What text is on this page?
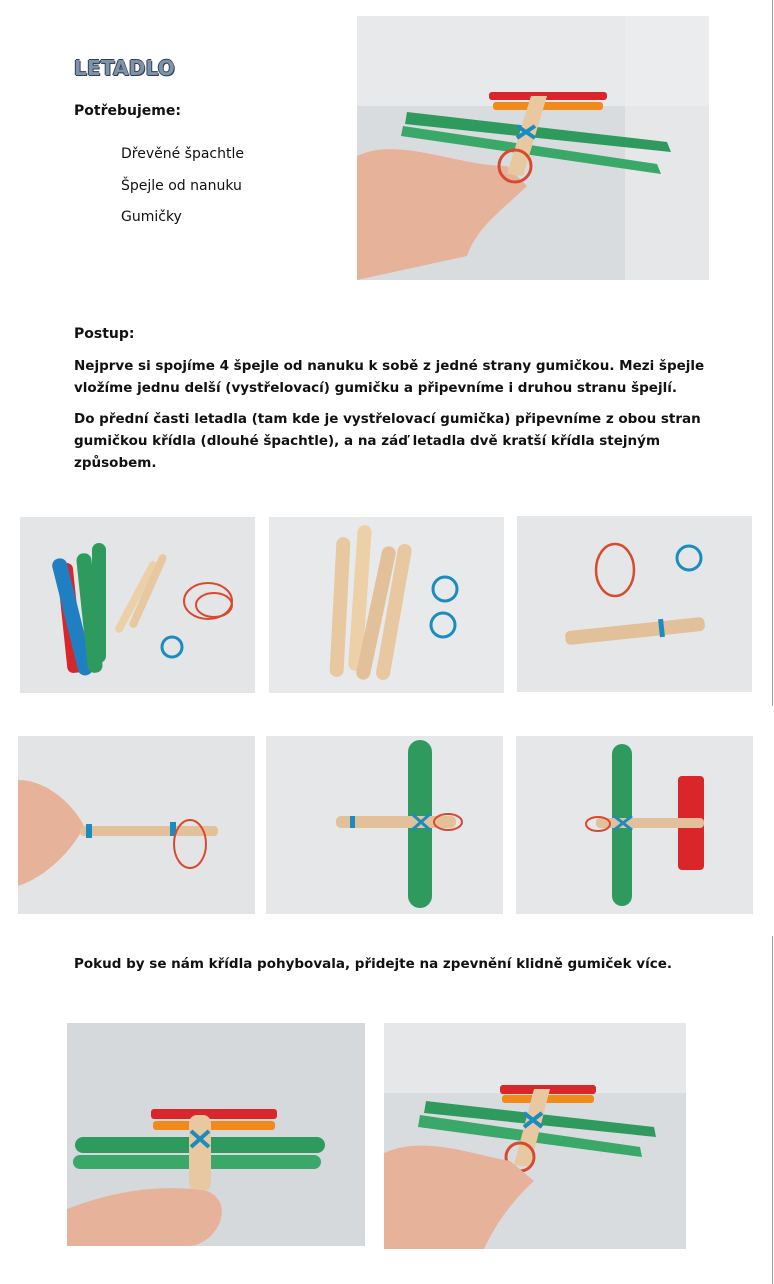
LETADLO

Potřebujeme:

Dřevěné špachtle
Špejle od nanuku
Gumičky

Postup:

Nejprve si spojíme 4 špejle od nanuku k sobě z jedné strany gumičkou. Mezi špejle vložíme jednu delší (vystřelovací) gumičku a připevníme i druhou stranu špejlí.

Do přední časti letadla (tam kde je vystřelovací gumička) připevníme z obou stran gumičkou křídla (dlouhé špachtle), a na záď letadla dvě kratší křídla stejným způsobem.

Pokud by se nám křídla pohybovala, přidejte na zpevnění klidně gumiček více.
